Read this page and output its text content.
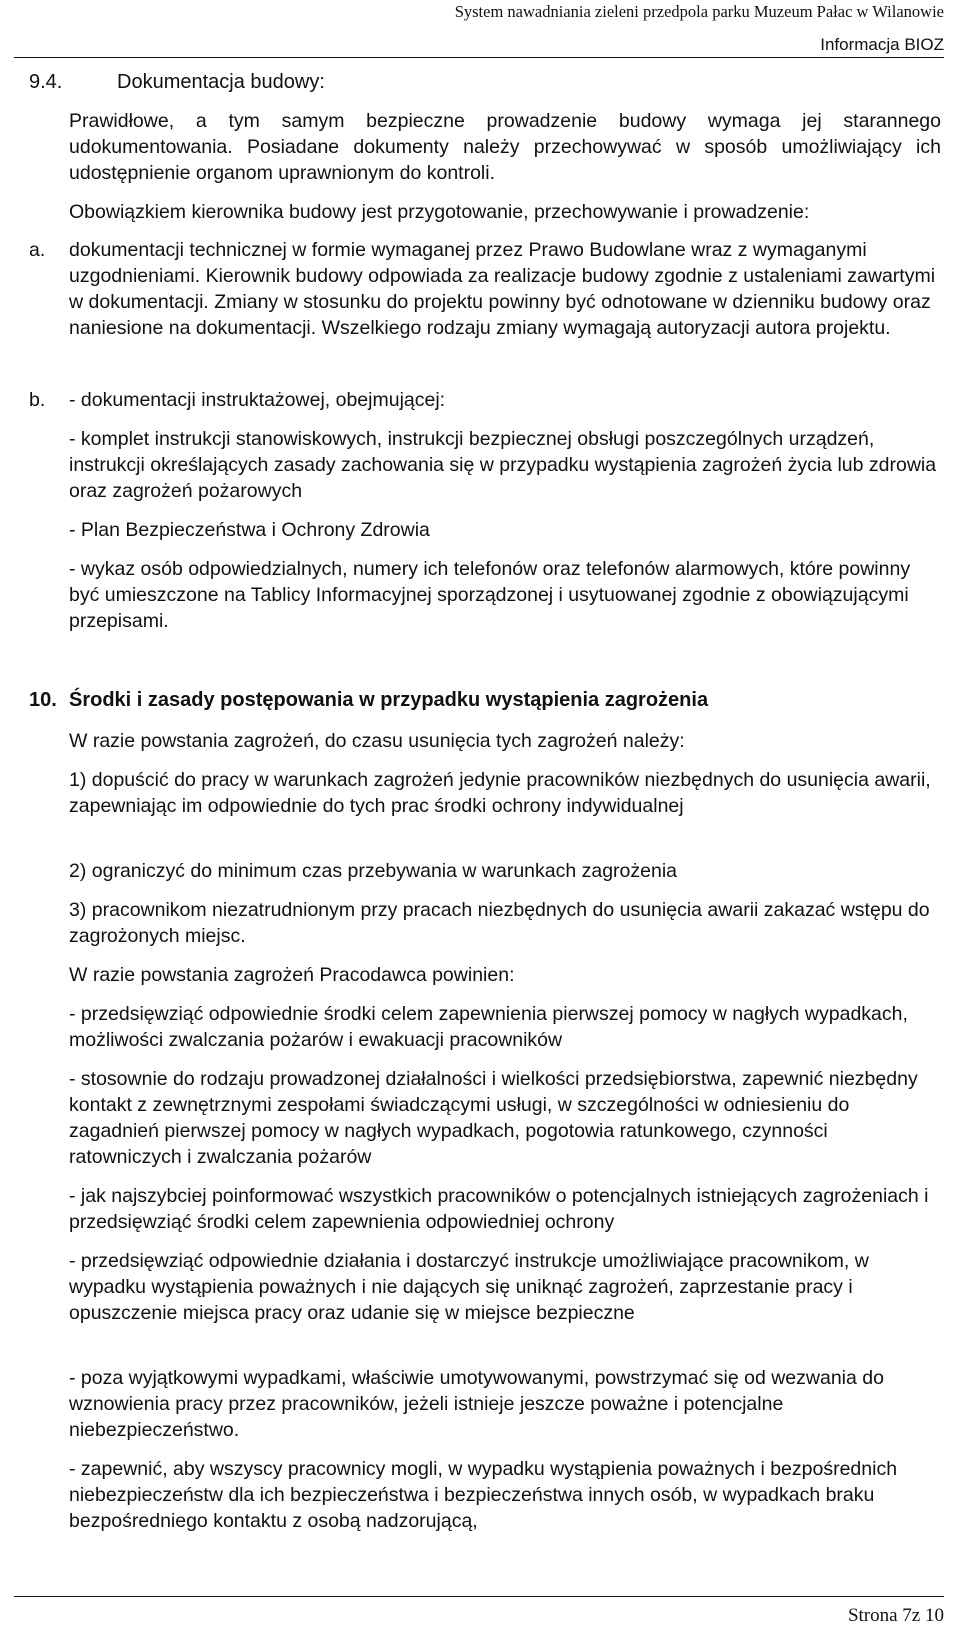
System nawadniania zieleni przedpola parku Muzeum Pałac w Wilanowie
Informacja BIOZ
9.4.	Dokumentacja budowy:

Prawidłowe, a tym samym bezpieczne prowadzenie budowy wymaga jej starannego udokumentowania. Posiadane dokumenty należy przechowywać w sposób umożliwiający ich udostępnienie organom uprawnionym do kontroli.

Obowiązkiem kierownika budowy jest przygotowanie, przechowywanie i prowadzenie:

a. dokumentacji technicznej w formie wymaganej przez Prawo Budowlane wraz z wymaganymi uzgodnieniami. Kierownik budowy odpowiada za realizacje budowy zgodnie z ustaleniami zawartymi w dokumentacji. Zmiany w stosunku do projektu powinny być odnotowane w dzienniku budowy oraz naniesione na dokumentacji. Wszelkiego rodzaju zmiany wymagają autoryzacji autora projektu.
b. - dokumentacji instruktażowej, obejmującej:

- komplet instrukcji stanowiskowych, instrukcji bezpiecznej obsługi poszczególnych urządzeń, instrukcji określających zasady zachowania się w przypadku wystąpienia zagrożeń życia lub zdrowia oraz zagrożeń pożarowych

- Plan Bezpieczeństwa i Ochrony Zdrowia

- wykaz osób odpowiedzialnych, numery ich telefonów oraz telefonów alarmowych, które powinny być umieszczone na Tablicy Informacyjnej sporządzonej i usytuowanej zgodnie z obowiązującymi przepisami.

10. Środki i zasady postępowania w przypadku wystąpienia zagrożenia

W razie powstania zagrożeń, do czasu usunięcia tych zagrożeń należy:

1) dopuścić do pracy w warunkach zagrożeń jedynie pracowników niezbędnych do usunięcia awarii, zapewniając im odpowiednie do tych prac środki ochrony indywidualnej

2) ograniczyć do minimum czas przebywania w warunkach zagrożenia

3) pracownikom niezatrudnionym przy pracach niezbędnych do usunięcia awarii zakazać wstępu do zagrożonych miejsc.

W razie powstania zagrożeń Pracodawca powinien:

- przedsięwziąć odpowiednie środki celem zapewnienia pierwszej pomocy w nagłych wypadkach, możliwości zwalczania pożarów i ewakuacji pracowników

- stosownie do rodzaju prowadzonej działalności i wielkości przedsiębiorstwa, zapewnić niezbędny kontakt z zewnętrznymi zespołami świadczącymi usługi, w szczególności w odniesieniu do zagadnień pierwszej pomocy w nagłych wypadkach, pogotowia ratunkowego, czynności ratowniczych i zwalczania pożarów

- jak najszybciej poinformować wszystkich pracowników o potencjalnych istniejących zagrożeniach i przedsięwziąć środki celem zapewnienia odpowiedniej ochrony

- przedsięwziąć odpowiednie działania i dostarczyć instrukcje umożliwiające pracownikom, w wypadku wystąpienia poważnych i nie dających się uniknąć zagrożeń, zaprzestanie pracy i opuszczenie miejsca pracy oraz udanie się w miejsce bezpieczne

- poza wyjątkowymi wypadkami, właściwie umotywowanymi, powstrzymać się od wezwania do wznowienia pracy przez pracowników, jeżeli istnieje jeszcze poważne i potencjalne niebezpieczeństwo.

- zapewnić, aby wszyscy pracownicy mogli, w wypadku wystąpienia poważnych i bezpośrednich niebezpieczeństw dla ich bezpieczeństwa i bezpieczeństwa innych osób, w wypadkach braku bezpośredniego kontaktu z osobą nadzorującą,

Strona 7z 10
